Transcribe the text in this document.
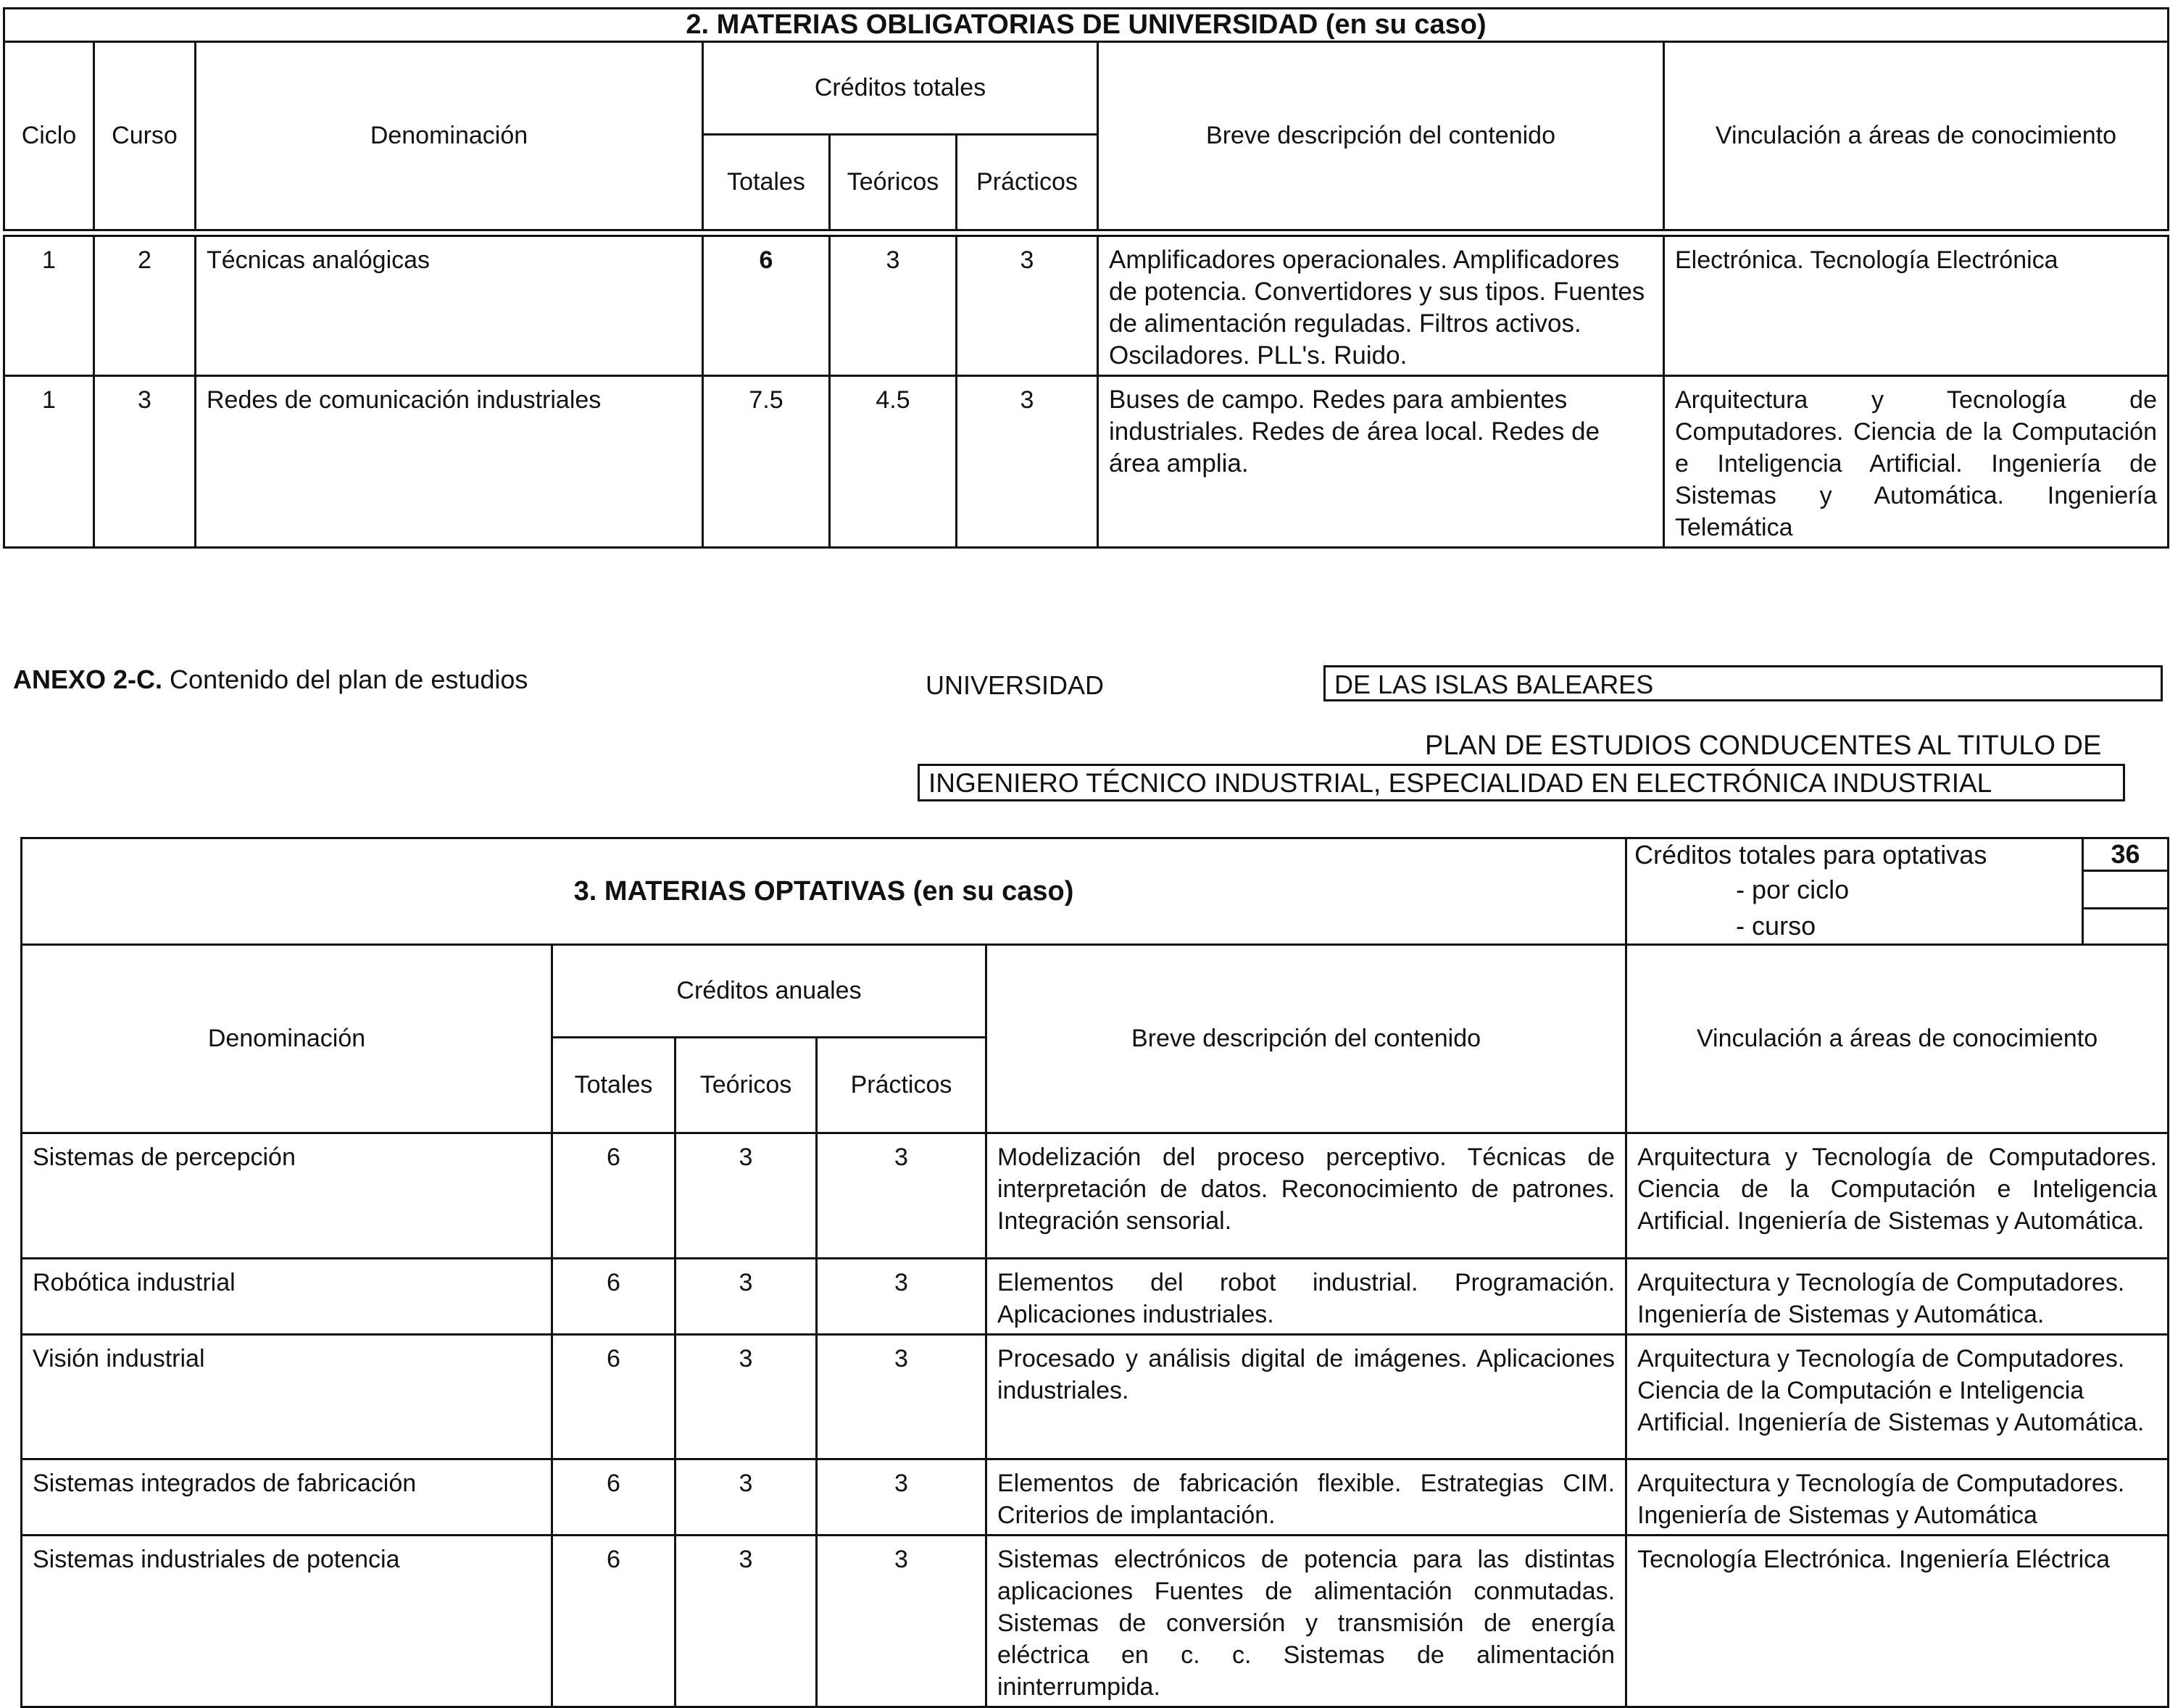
2. MATERIAS OBLIGATORIAS DE UNIVERSIDAD (en su caso)							
Ciclo	Curso	Denominación	Créditos totales			Breve descripción del contenido	Vinculación a áreas de conocimiento
			Totales	Teóricos	Prácticos		

1	2	Técnicas analógicas	6	3	3	Amplificadores operacionales. Amplificadores de potencia. Convertidores y sus tipos. Fuentes de alimentación reguladas. Filtros activos. Osciladores. PLL's. Ruido.	Electrónica. Tecnología Electrónica
1	3	Redes de comunicación industriales	7.5	4.5	3	Buses de campo. Redes para ambientes industriales. Redes de área local. Redes de área amplia.	Arquitectura y Tecnología de Computadores. Ciencia de la Computación e Inteligencia Artificial. Ingeniería de Sistemas y Automática. Ingeniería Telemática
ANEXO 2-C. Contenido del plan de estudios	UNIVERSIDAD	DE LAS ISLAS BALEARES
PLAN DE ESTUDIOS CONDUCENTES AL TITULO DE
INGENIERO TÉCNICO INDUSTRIAL, ESPECIALIDAD EN ELECTRÓNICA INDUSTRIAL
3. MATERIAS OPTATIVAS (en su caso)					Créditos totales para optativas	36
					- por ciclo	
					- curso	
Denominación	Créditos anuales			Breve descripción del contenido	Vinculación a áreas de conocimiento	
	Totales	Teóricos	Prácticos			
Sistemas de percepción	6	3	3	Modelización del proceso perceptivo. Técnicas de interpretación de datos. Reconocimiento de patrones. Integración sensorial.	Arquitectura y Tecnología de Computadores. Ciencia de la Computación e Inteligencia Artificial. Ingeniería de Sistemas y Automática.	
Robótica industrial	6	3	3	Elementos del robot industrial. Programación. Aplicaciones industriales.	Arquitectura y Tecnología de Computadores. Ingeniería de Sistemas y Automática.	
Visión industrial	6	3	3	Procesado y análisis digital de imágenes. Aplicaciones industriales.	Arquitectura y Tecnología de Computadores. Ciencia de la Computación e Inteligencia Artificial. Ingeniería de Sistemas y Automática.	
Sistemas integrados de fabricación	6	3	3	Elementos de fabricación flexible. Estrategias CIM. Criterios de implantación.	Arquitectura y Tecnología de Computadores. Ingeniería de Sistemas y Automática	
Sistemas industriales de potencia	6	3	3	Sistemas electrónicos de potencia para las distintas aplicaciones Fuentes de alimentación conmutadas. Sistemas de conversión y transmisión de energía eléctrica en c. c. Sistemas de alimentación ininterrumpida.	Tecnología Electrónica. Ingeniería Eléctrica	
